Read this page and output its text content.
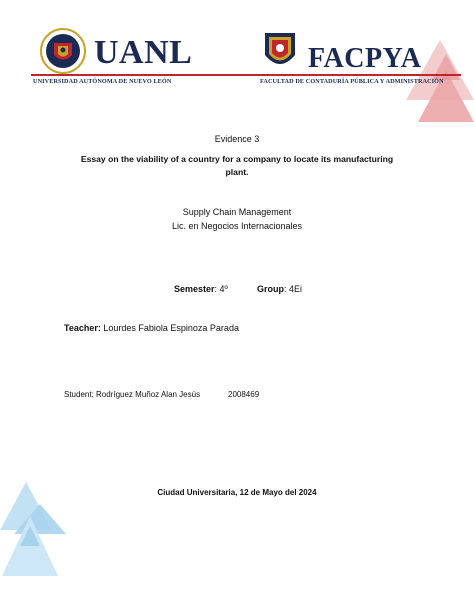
UANL
UNIVERSIDAD AUTÓNOMA DE NUEVO LEÓN
FACPYA
FACULTAD DE CONTADURÍA PÚBLICA Y ADMINISTRACIÓN
Evidence 3
Essay on the viability of a country for a company to locate its manufacturing
plant.
Supply Chain Management
Lic. en Negocios Internacionales
Semester: 4º	Group: 4Ei
Teacher: Lourdes Fabiola Espinoza Parada
Student: Rodríguez Muñoz Alan Jesús	2008469
Ciudad Universitaria, 12 de Mayo del 2024
